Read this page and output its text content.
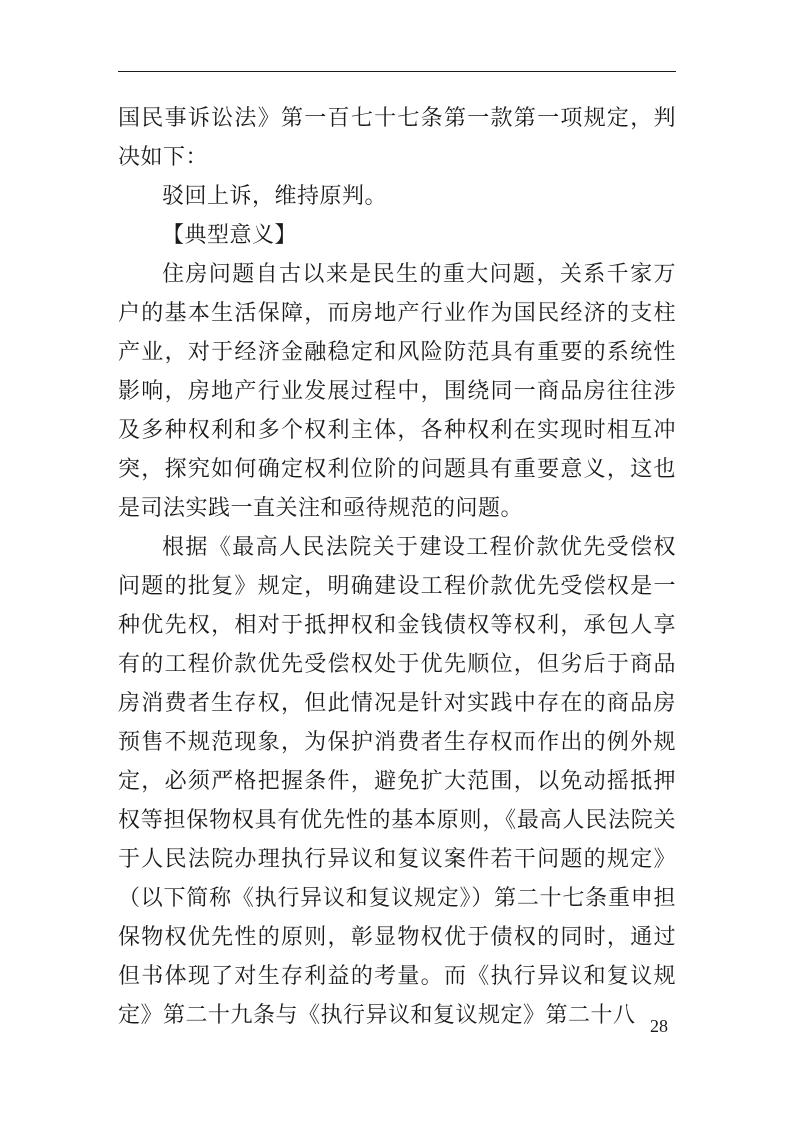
国民事诉讼法》第一百七十七条第一款第一项规定，判决如下：

驳回上诉，维持原判。

【典型意义】

住房问题自古以来是民生的重大问题，关系千家万户的基本生活保障，而房地产行业作为国民经济的支柱产业，对于经济金融稳定和风险防范具有重要的系统性影响，房地产行业发展过程中，围绕同一商品房往往涉及多种权利和多个权利主体，各种权利在实现时相互冲突，探究如何确定权利位阶的问题具有重要意义，这也是司法实践一直关注和亟待规范的问题。

根据《最高人民法院关于建设工程价款优先受偿权问题的批复》规定，明确建设工程价款优先受偿权是一种优先权，相对于抵押权和金钱债权等权利，承包人享有的工程价款优先受偿权处于优先顺位，但劣后于商品房消费者生存权，但此情况是针对实践中存在的商品房预售不规范现象，为保护消费者生存权而作出的例外规定，必须严格把握条件，避免扩大范围，以免动摇抵押权等担保物权具有优先性的基本原则，《最高人民法院关于人民法院办理执行异议和复议案件若干问题的规定》（以下简称《执行异议和复议规定》）第二十七条重申担保物权优先性的原则，彰显物权优于债权的同时，通过但书体现了对生存利益的考量。而《执行异议和复议规定》第二十九条与《执行异议和复议规定》第二十八 28
